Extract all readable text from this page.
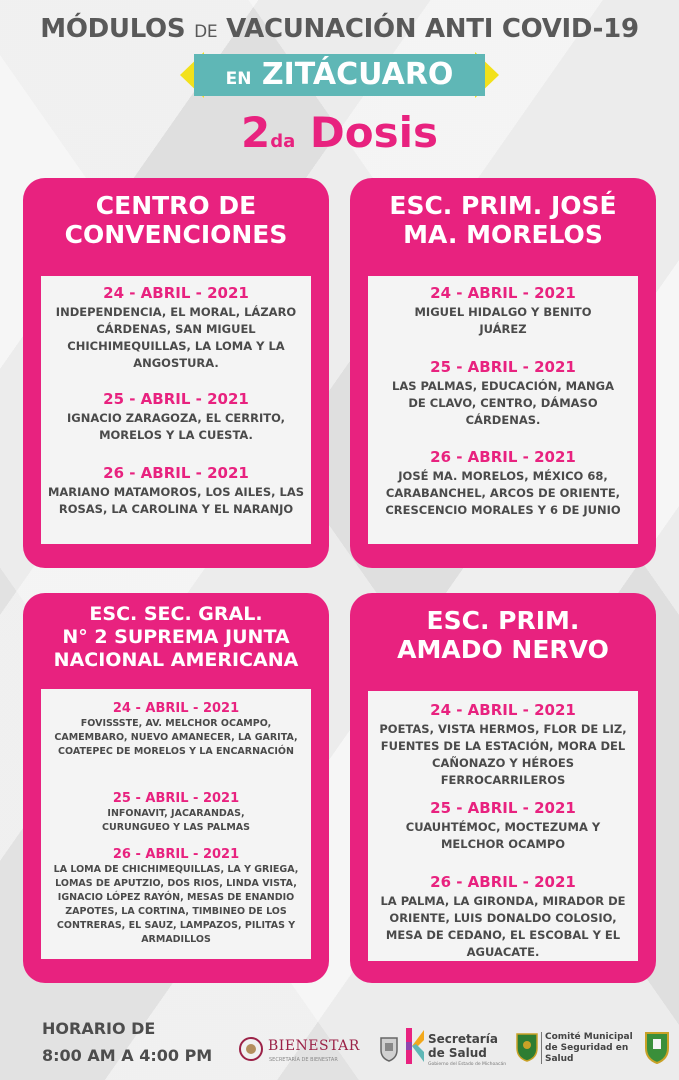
MÓDULOS DE VACUNACIÓN ANTI COVID-19
EN ZITÁCUARO
2da Dosis
CENTRO DE
CONVENCIONES
24 - ABRIL - 2021
INDEPENDENCIA, EL MORAL, LÁZARO CÁRDENAS, SAN MIGUEL CHICHIMEQUILLAS, LA LOMA Y LA ANGOSTURA.
25 - ABRIL - 2021
IGNACIO ZARAGOZA, EL CERRITO, MORELOS Y LA CUESTA.
26 - ABRIL - 2021
MARIANO MATAMOROS, LOS AILES, LAS ROSAS, LA CAROLINA Y EL NARANJO
ESC. PRIM. JOSÉ
MA. MORELOS
24 - ABRIL - 2021
MIGUEL HIDALGO Y BENITO JUÁREZ
25 - ABRIL - 2021
LAS PALMAS, EDUCACIÓN, MANGA DE CLAVO, CENTRO, DÁMASO CÁRDENAS.
26 - ABRIL - 2021
JOSÉ MA. MORELOS, MÉXICO 68, CARABANCHEL, ARCOS DE ORIENTE, CRESCENCIO MORALES Y 6 DE JUNIO
ESC. SEC. GRAL.
N° 2 SUPREMA JUNTA
NACIONAL AMERICANA
24 - ABRIL - 2021
FOVISSSTE, AV. MELCHOR OCAMPO, CAMEMBARO, NUEVO AMANECER, LA GARITA, COATEPEC DE MORELOS Y LA ENCARNACIÓN
25 - ABRIL - 2021
INFONAVIT, JACARANDAS, CURUNGUEO Y LAS PALMAS
26 - ABRIL - 2021
LA LOMA DE CHICHIMEQUILLAS, LA Y GRIEGA, LOMAS DE APUTZIO, DOS RIOS, LINDA VISTA, IGNACIO LÓPEZ RAYÓN, MESAS DE ENANDIO ZAPOTES, LA CORTINA, TIMBINEO DE LOS CONTRERAS, EL SAUZ, LAMPAZOS, PILITAS Y ARMADILLOS
ESC. PRIM.
AMADO NERVO
24 - ABRIL - 2021
POETAS, VISTA HERMOS, FLOR DE LIZ, FUENTES DE LA ESTACIÓN, MORA DEL CAÑONAZO Y HÉROES FERROCARRILEROS
25 - ABRIL - 2021
CUAUHTÉMOC, MOCTEZUMA Y MELCHOR OCAMPO
26 - ABRIL - 2021
LA PALMA, LA GIRONDA, MIRADOR DE ORIENTE, LUIS DONALDO COLOSIO, MESA DE CEDANO, EL ESCOBAL Y EL AGUACATE.
HORARIO DE
8:00 AM A 4:00 PM
BIENESTAR
SECRETARÍA DE BIENESTAR
Secretaría
de Salud
Gobierno del Estado de Michoacán
Comité Municipal
de Seguridad en
Salud
